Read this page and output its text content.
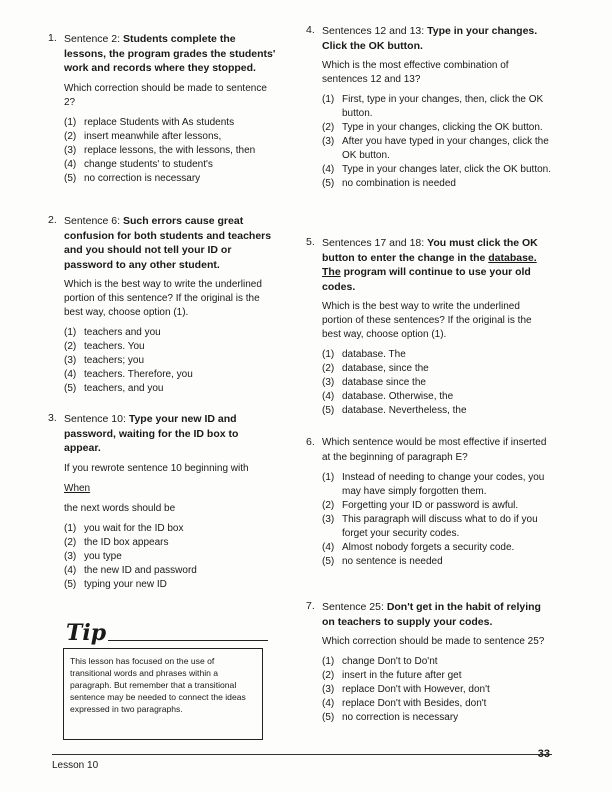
1. Sentence 2: Students complete the lessons, the program grades the students' work and records where they stopped.
Which correction should be made to sentence 2?
(1) replace Students with As students
(2) insert meanwhile after lessons,
(3) replace lessons, the with lessons, then
(4) change students' to student's
(5) no correction is necessary
2. Sentence 6: Such errors cause great confusion for both students and teachers and you should not tell your ID or password to any other student.
Which is the best way to write the underlined portion of this sentence? If the original is the best way, choose option (1).
(1) teachers and you
(2) teachers. You
(3) teachers; you
(4) teachers. Therefore, you
(5) teachers, and you
3. Sentence 10: Type your new ID and password, waiting for the ID box to appear.
If you rewrote sentence 10 beginning with
When
the next words should be
(1) you wait for the ID box
(2) the ID box appears
(3) you type
(4) the new ID and password
(5) typing your new ID
Tip

This lesson has focused on the use of transitional words and phrases within a paragraph. But remember that a transitional sentence may be needed to connect the ideas expressed in two paragraphs.

4. Sentences 12 and 13: Type in your changes. Click the OK button.
Which is the most effective combination of sentences 12 and 13?
(1) First, type in your changes, then, click the OK button.
(2) Type in your changes, clicking the OK button.
(3) After you have typed in your changes, click the OK button.
(4) Type in your changes later, click the OK button.
(5) no combination is needed
5. Sentences 17 and 18: You must click the OK button to enter the change in the database. The program will continue to use your old codes.
Which is the best way to write the underlined portion of these sentences? If the original is the best way, choose option (1).
(1) database. The
(2) database, since the
(3) database since the
(4) database. Otherwise, the
(5) database. Nevertheless, the
6. Which sentence would be most effective if inserted at the beginning of paragraph E?
(1) Instead of needing to change your codes, you may have simply forgotten them.
(2) Forgetting your ID or password is awful.
(3) This paragraph will discuss what to do if you forget your security codes.
(4) Almost nobody forgets a security code.
(5) no sentence is needed
7. Sentence 25: Don't get in the habit of relying on teachers to supply your codes.
Which correction should be made to sentence 25?
(1) change Don't to Do'nt
(2) insert in the future after get
(3) replace Don't with However, don't
(4) replace Don't with Besides, don't
(5) no correction is necessary
Lesson 10
33
